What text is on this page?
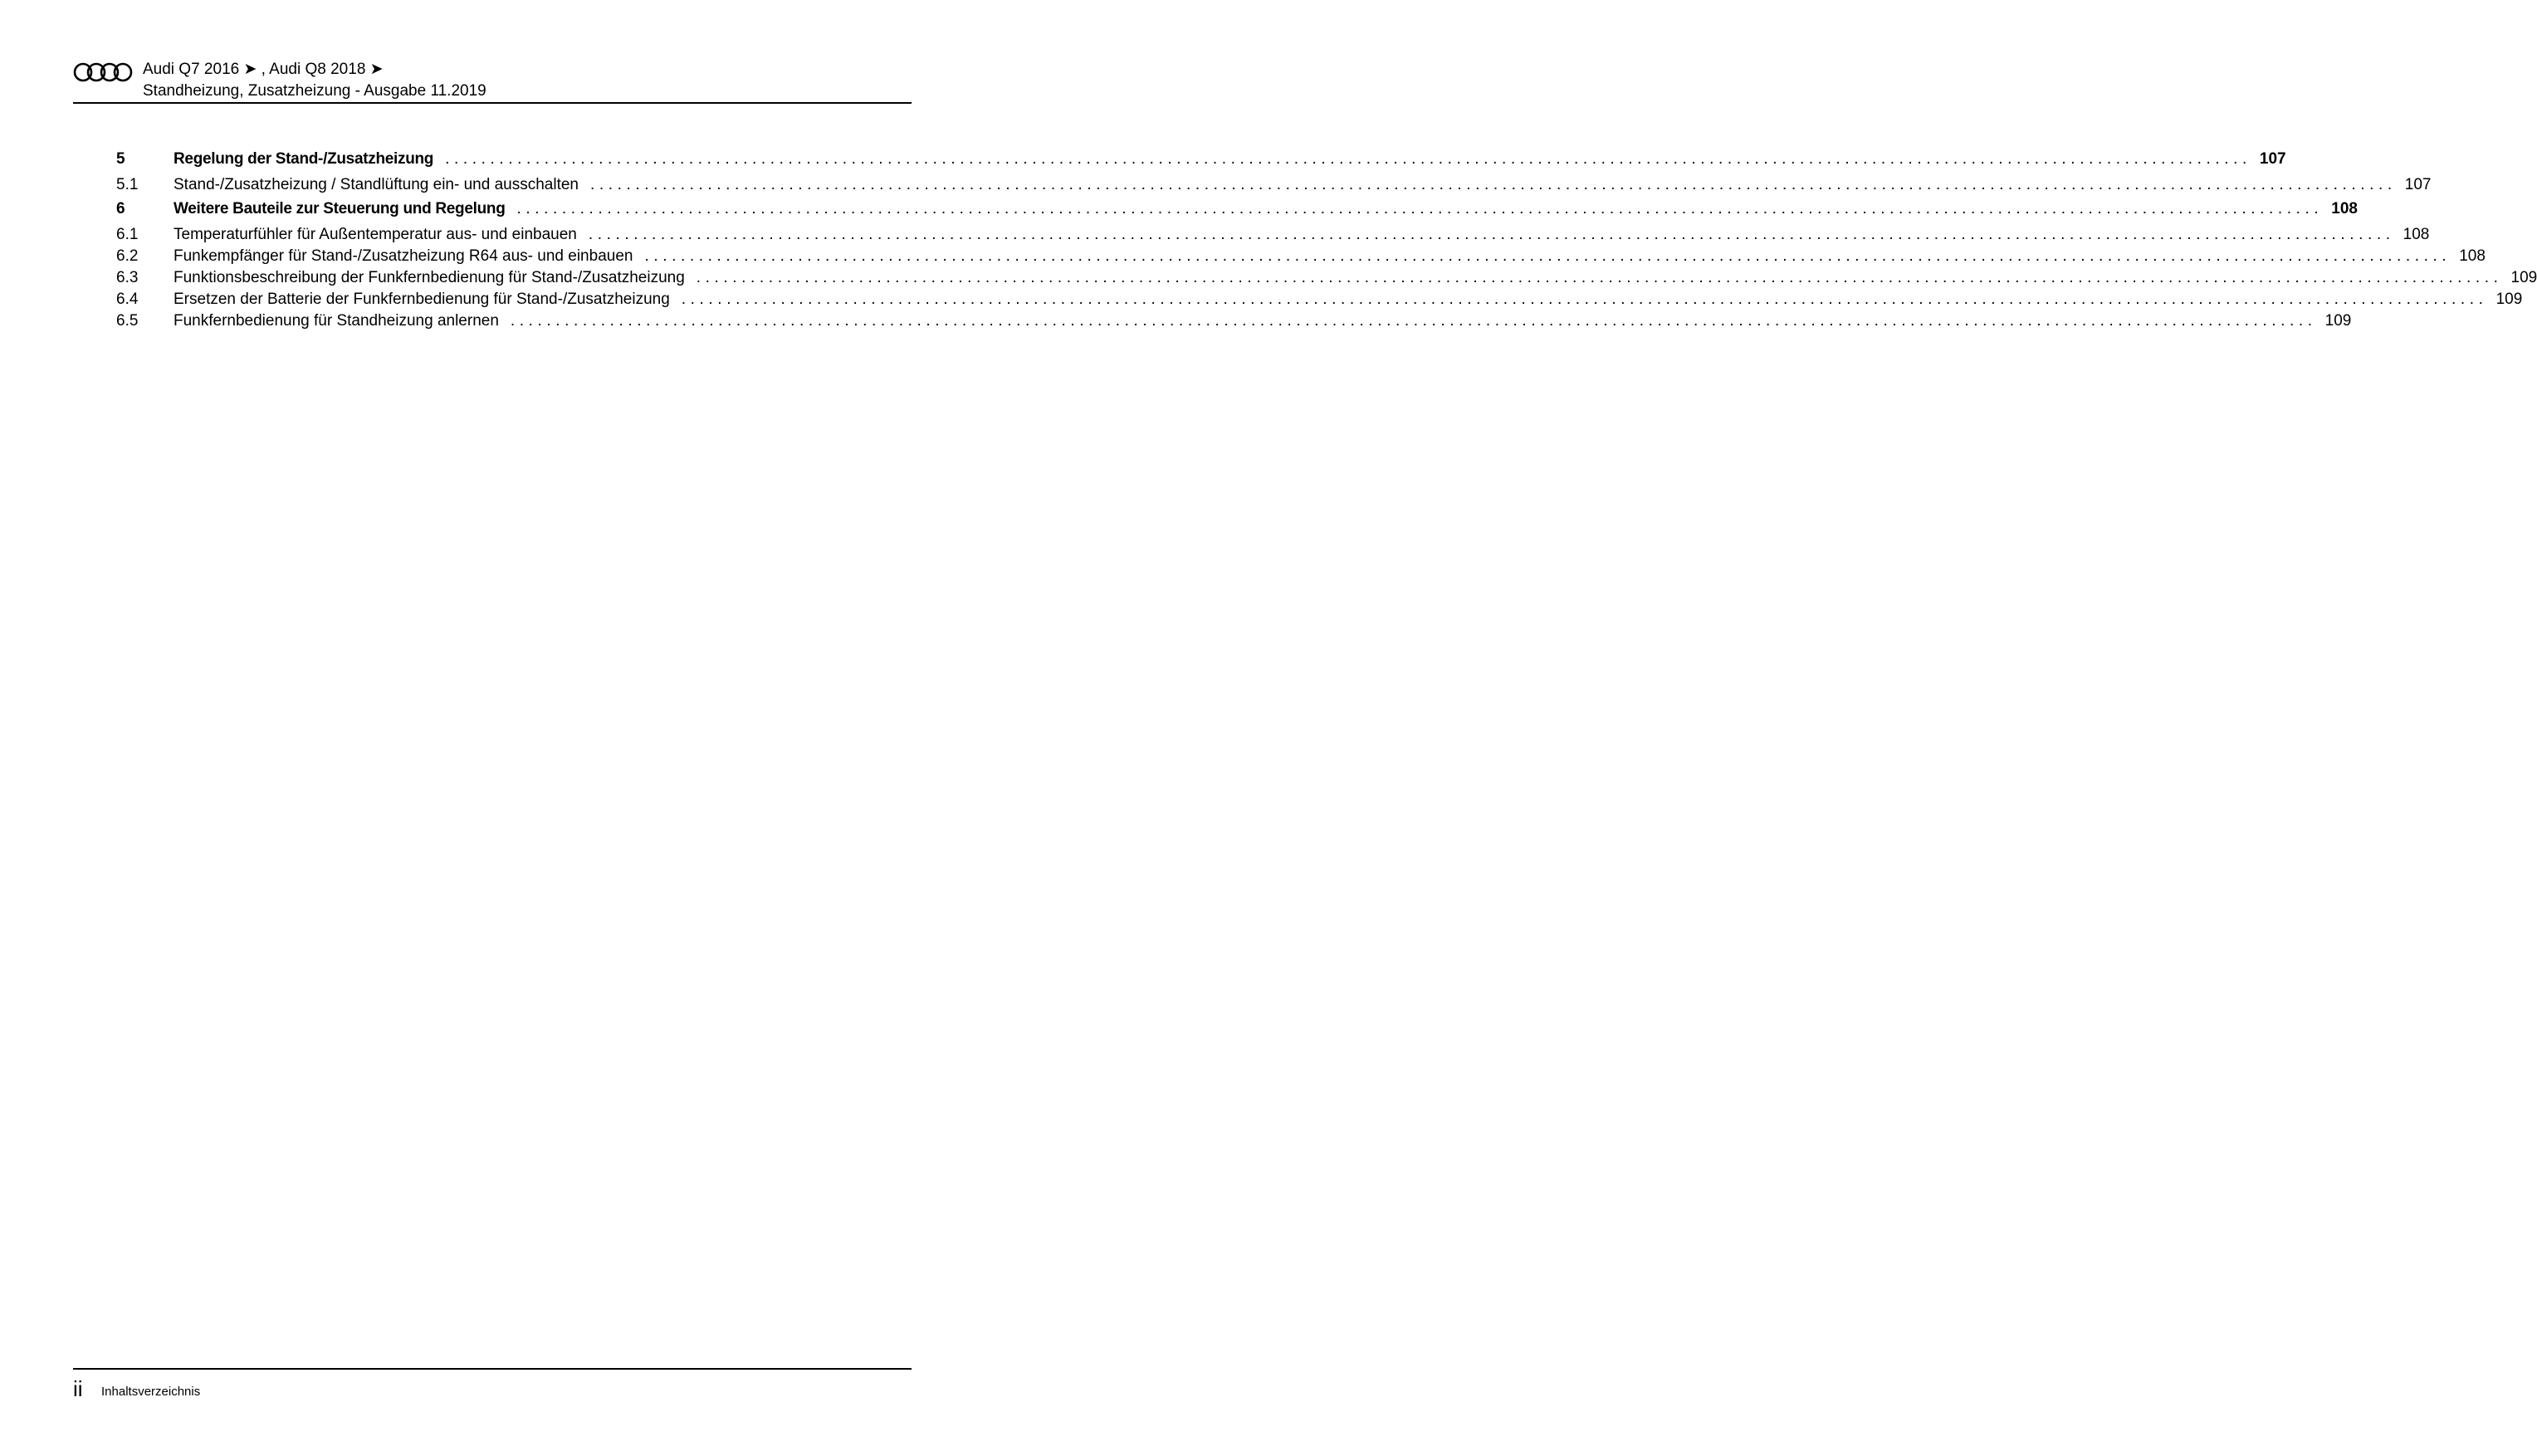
Audi Q7 2016 ➤ , Audi Q8 2018 ➤
Standheizung, Zusatzheizung - Ausgabe 11.2019
5	Regelung der Stand-/Zusatzheizung ........................................................................................................................................................................................................ 107
5.1	Stand-/Zusatzheizung / Standlüftung ein- und ausschalten ........................................................................................................................................................................................................ 107
6	Weitere Bauteile zur Steuerung und Regelung ........................................................................................................................................................................................................ 108
6.1	Temperaturfühler für Außentemperatur aus- und einbauen ........................................................................................................................................................................................................ 108
6.2	Funkempfänger für Stand-/Zusatzheizung R64 aus- und einbauen ........................................................................................................................................................................................................ 108
6.3	Funktionsbeschreibung der Funkfernbedienung für Stand-/Zusatzheizung ........................................................................................................................................................................................................ 109
6.4	Ersetzen der Batterie der Funkfernbedienung für Stand-/Zusatzheizung ........................................................................................................................................................................................................ 109
6.5	Funkfernbedienung für Standheizung anlernen ........................................................................................................................................................................................................ 109
ii Inhaltsverzeichnis
